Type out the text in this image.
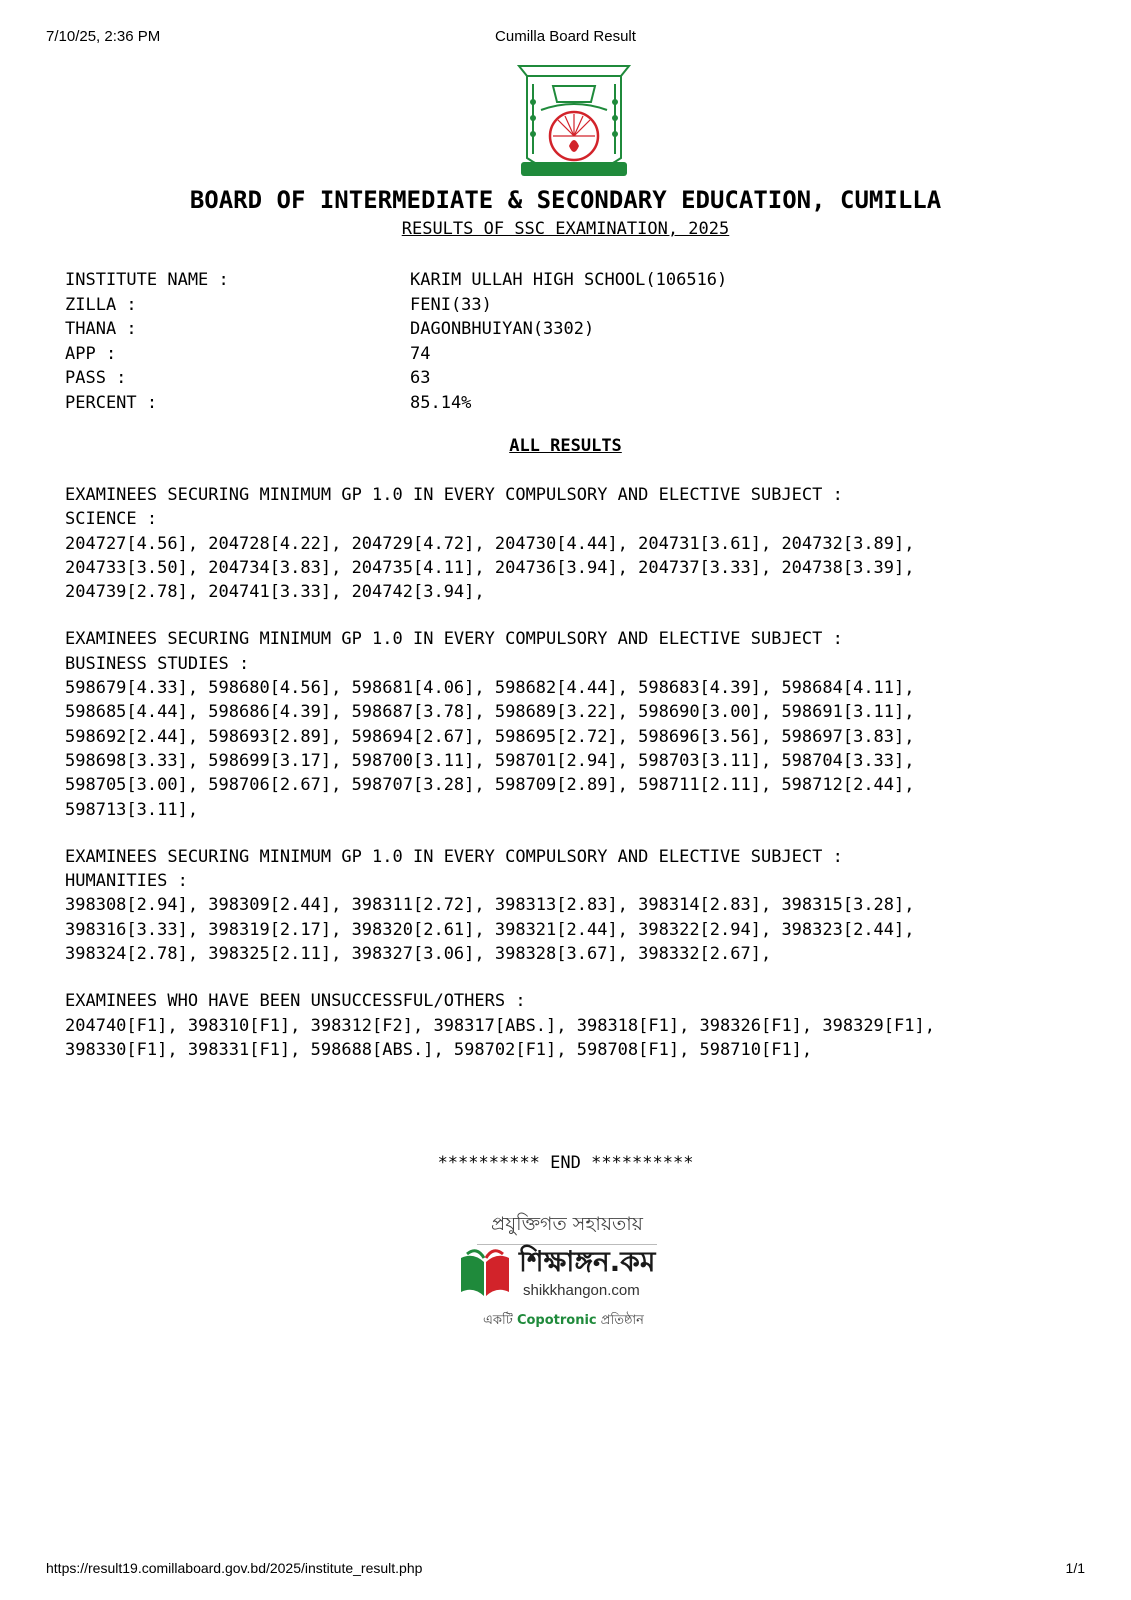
7/10/25, 2:36 PM	Cumilla Board Result
BOARD OF INTERMEDIATE & SECONDARY EDUCATION, CUMILLA
RESULTS OF SSC EXAMINATION, 2025
INSTITUTE NAME :	KARIM ULLAH HIGH SCHOOL(106516)
ZILLA :	FENI(33)
THANA :	DAGONBHUIYAN(3302)
APP :	74
PASS :	63
PERCENT :	85.14%
ALL RESULTS
EXAMINEES SECURING MINIMUM GP 1.0 IN EVERY COMPULSORY AND ELECTIVE SUBJECT :
SCIENCE :
204727[4.56], 204728[4.22], 204729[4.72], 204730[4.44], 204731[3.61], 204732[3.89],
204733[3.50], 204734[3.83], 204735[4.11], 204736[3.94], 204737[3.33], 204738[3.39],
204739[2.78], 204741[3.33], 204742[3.94],
EXAMINEES SECURING MINIMUM GP 1.0 IN EVERY COMPULSORY AND ELECTIVE SUBJECT :
BUSINESS STUDIES :
598679[4.33], 598680[4.56], 598681[4.06], 598682[4.44], 598683[4.39], 598684[4.11],
598685[4.44], 598686[4.39], 598687[3.78], 598689[3.22], 598690[3.00], 598691[3.11],
598692[2.44], 598693[2.89], 598694[2.67], 598695[2.72], 598696[3.56], 598697[3.83],
598698[3.33], 598699[3.17], 598700[3.11], 598701[2.94], 598703[3.11], 598704[3.33],
598705[3.00], 598706[2.67], 598707[3.28], 598709[2.89], 598711[2.11], 598712[2.44],
598713[3.11],
EXAMINEES SECURING MINIMUM GP 1.0 IN EVERY COMPULSORY AND ELECTIVE SUBJECT :
HUMANITIES :
398308[2.94], 398309[2.44], 398311[2.72], 398313[2.83], 398314[2.83], 398315[3.28],
398316[3.33], 398319[2.17], 398320[2.61], 398321[2.44], 398322[2.94], 398323[2.44],
398324[2.78], 398325[2.11], 398327[3.06], 398328[3.67], 398332[2.67],
EXAMINEES WHO HAVE BEEN UNSUCCESSFUL/OTHERS :
204740[F1], 398310[F1], 398312[F2], 398317[ABS.], 398318[F1], 398326[F1], 398329[F1],
398330[F1], 398331[F1], 598688[ABS.], 598702[F1], 598708[F1], 598710[F1],
********** END **********
প্রযুক্তিগত সহায়তায়
শিক্ষাঙ্গন.কম
shikkhangon.com
একটি Copotronic প্রতিষ্ঠান
https://result19.comillaboard.gov.bd/2025/institute_result.php	1/1
